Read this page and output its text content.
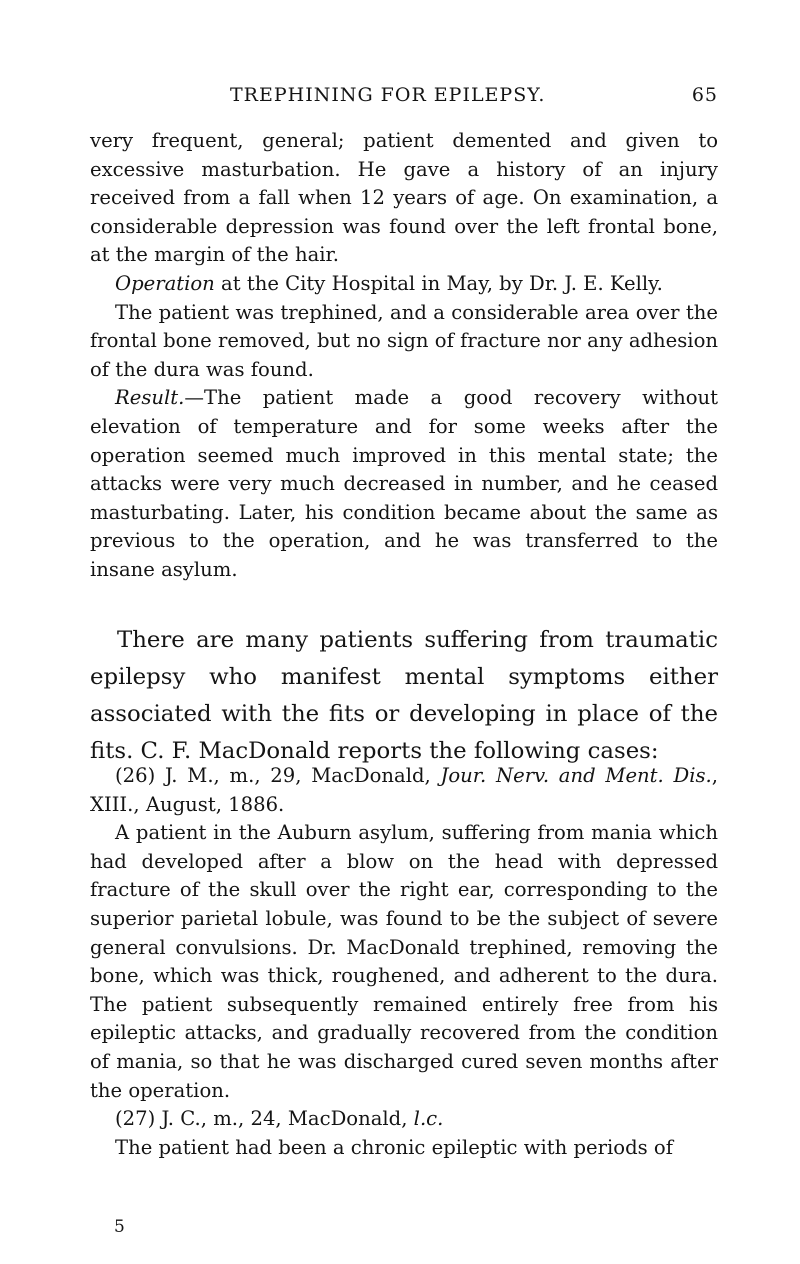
TREPHINING FOR EPILEPSY.	65

very frequent, general; patient demented and given to excessive masturbation. He gave a history of an injury received from a fall when 12 years of age. On examination, a considerable depression was found over the left frontal bone, at the margin of the hair.

Operation at the City Hospital in May, by Dr. J. E. Kelly.

The patient was trephined, and a considerable area over the frontal bone removed, but no sign of fracture nor any adhesion of the dura was found.

Result.—The patient made a good recovery without elevation of temperature and for some weeks after the operation seemed much improved in this mental state; the attacks were very much decreased in number, and he ceased masturbating. Later, his condition became about the same as previous to the operation, and he was transferred to the insane asylum.

There are many patients suffering from traumatic epilepsy who manifest mental symptoms either associated with the fits or developing in place of the fits. C. F. MacDonald reports the following cases:

(26) J. M., m., 29, MacDonald, Jour. Nerv. and Ment. Dis., XIII., August, 1886.

A patient in the Auburn asylum, suffering from mania which had developed after a blow on the head with depressed fracture of the skull over the right ear, corresponding to the superior parietal lobule, was found to be the subject of severe general convulsions. Dr. MacDonald trephined, removing the bone, which was thick, roughened, and adherent to the dura. The patient subsequently remained entirely free from his epileptic attacks, and gradually recovered from the condition of mania, so that he was discharged cured seven months after the operation.

(27) J. C., m., 24, MacDonald, l.c.

The patient had been a chronic epileptic with periods of

5
